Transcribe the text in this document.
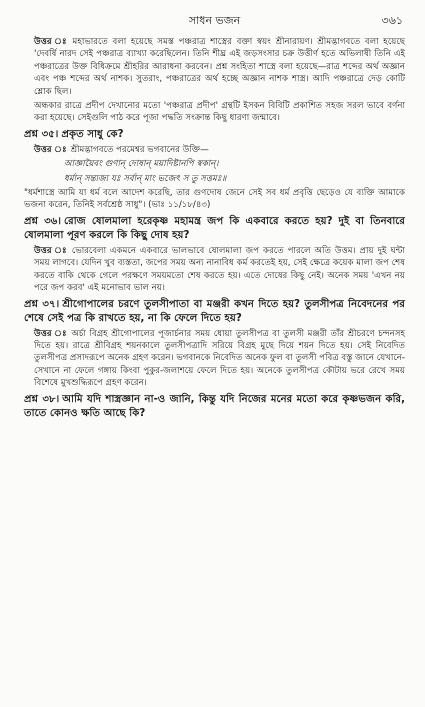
সাধন ভজন	৩৬১

উত্তর ঃ মহাভারতে বলা হয়েছে সমস্ত পঞ্চরাত্র শাস্ত্রের বক্তা স্বয়ং শ্রীনারায়ণ। শ্রীমদ্ভাগবতে বলা হয়েছে 'দেবর্ষি নারদ সেই পঞ্চরাত্র ব্যাখ্যা করেছিলেন। তিনি শীঘ্র এই জড়সংসার চক্র উত্তীর্ণ হতে অভিলাষী তিনি এই পঞ্চরাত্রের উক্ত বিধিক্রমে শ্রীহরির আরাধনা করবেন। প্রশ্ন সংহিতা শাস্ত্রে বলা হয়েছে—রাত্র শব্দের অর্থ অজ্ঞান এবং পঞ্চ শব্দের অর্থ নাশক। সুতরাং, পঞ্চরাত্রের অর্থ হচ্ছে অজ্ঞান নাশক শাস্ত্র। আদি পঞ্চরাত্রে দেড় কোটি শ্লোক ছিল।

অন্ধকার রাত্রে প্রদীপ দেখানোর মতো 'পঞ্চরাত্র প্রদীপ' গ্রন্থটি ইসকন বিবিটি প্রকাশিত সহজ সরল ভাবে বর্ণনা করা হয়েছে। সেইগুলি পাঠ করে পূজা পদ্ধতি সংক্রান্ত কিছু ধারণা জন্মাবে।

প্রশ্ন ৩৫। প্রকৃত সাধু কে?

উত্তর ঃ শ্রীমদ্ভাগবতে পরমেশ্বর ভগবানের উক্তি—

আজ্ঞায়ৈবং গুণান্‌ দোষান্‌ ময়াদিষ্টানপি স্বকান্‌।

ধর্মান্‌ সন্ত্যজ্য যঃ সর্বান্‌ মাং ভজেৎ স তু সত্তমঃ॥

"ধর্মশাস্ত্রে আমি যা ধর্ম বলে আদেশ করেছি, তার গুণদোষ জেনে সেই সব ধর্ম প্রবৃত্তি ছেড়েও যে ব্যক্তি আমাকে ভজনা করেন, তিনিই সর্বশ্রেষ্ঠ সাধু"। (ভাঃ ১১/১৮/৪৩)

প্রশ্ন ৩৬। রোজ ষোলমালা হরেকৃষ্ণ মহামন্ত্র জপ কি একবারে করতে হয়? দুই বা তিনবারে ষোলমালা পূরণ করলে কি কিছু দোষ হয়?

উত্তর ঃ ভোরবেলা একমনে একবারে ভালভাবে ষোলমালা জপ করতে পারলে অতি উত্তম। প্রায় দুই ঘন্টা সময় লাগবে। যেদিন খুব ব্যস্ততা, জপের সময় অন্য নানাবিধ কর্ম করতেই হয়, সেই ক্ষেত্রে কয়েক মালা জপ শেষ করতে বাকি থেকে গেলে পরক্ষণে সময়মতো শেষ করতে হয়। এতে দোষের কিছু নেই। অনেক সময় 'এখন নয় পরে জপ করব' এই মনোভাব ভাল নয়।

প্রশ্ন ৩৭। শ্রীগোপালের চরণে তুলসীপাতা বা মঞ্জরী কখন দিতে হয়? তুলসীপত্র নিবেদনের পর শেষে সেই পত্র কি রাখতে হয়, না কি ফেলে দিতে হয়?

উত্তর ঃ অর্চা বিগ্রহ শ্রীগোপালের পূজার্চনার সময় ধোয়া তুলসীপত্র বা তুলসী মঞ্জরী তাঁর শ্রীচরণে চন্দনসহ দিতে হয়। রাত্রে শ্রীবিগ্রহ শয়নকালে তুলসীপত্রাদি সরিয়ে বিগ্রহ মুছে দিয়ে শয়ন দিতে হয়। সেই নিবেদিত তুলসীপত্র প্রসাদরূপে অনেক গ্রহণ করেন। ভগবানকে নিবেদিত অনেক ফুল বা তুলসী পবিত্র বস্তু জানে যেখানে-সেখানে না ফেলে গঙ্গায় কিংবা পুকুর-জলাশয়ে ফেলে দিতে হয়। অনেকে তুলসীপত্র কৌটায় ভরে রেখে সময় বিশেষে মুখশুদ্ধিরূপে গ্রহণ করেন।

প্রশ্ন ৩৮। আমি যদি শাস্ত্রজ্ঞান না-ও জানি, কিন্তু যদি নিজের মনের মতো করে কৃষ্ণভজন করি, তাতে কোনও ক্ষতি আছে কি?
